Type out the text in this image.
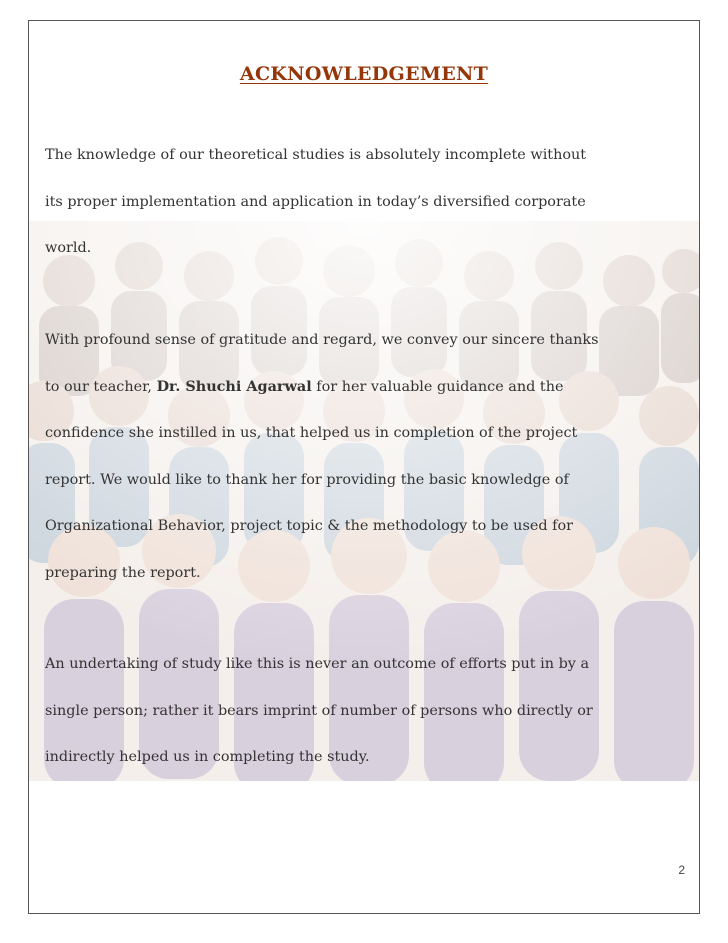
ACKNOWLEDGEMENT

The knowledge of our theoretical studies is absolutely incomplete without
its proper implementation and application in today’s diversified corporate
world.

With profound sense of gratitude and regard, we convey our sincere thanks
to our teacher, Dr. Shuchi Agarwal for her valuable guidance and the
confidence she instilled in us, that helped us in completion of the project
report. We would like to thank her for providing the basic knowledge of
Organizational Behavior, project topic & the methodology to be used for
preparing the report.

An undertaking of study like this is never an outcome of efforts put in by a
single person; rather it bears imprint of number of persons who directly or
indirectly helped us in completing the study.

2
